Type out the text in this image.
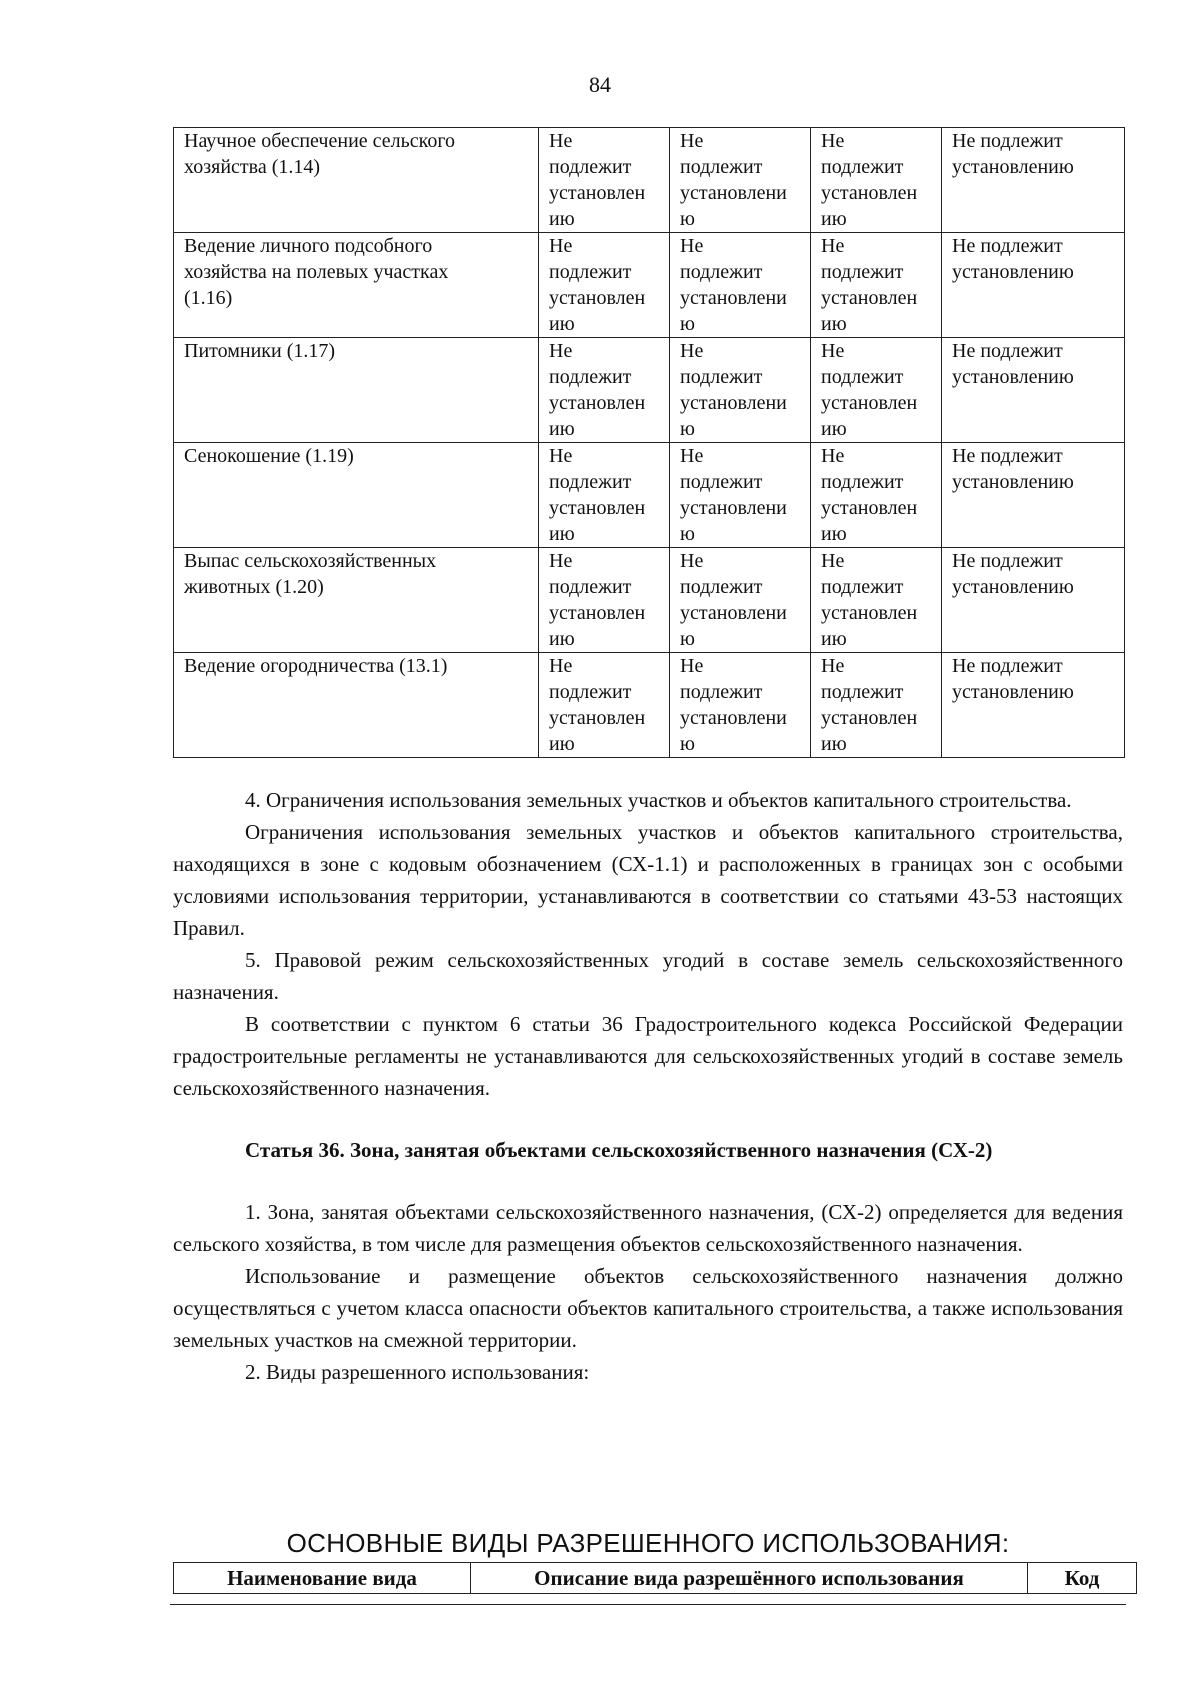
84
Научное обеспечение сельского
хозяйства (1.14)	Не
подлежит
установлен
ию	Не
подлежит
установлени
ю	Не
подлежит
установлен
ию	Не подлежит
установлению

Ведение личного подсобного
хозяйства на полевых участках
(1.16)	Не
подлежит
установлен
ию	Не
подлежит
установлени
ю	Не
подлежит
установлен
ию	Не подлежит
установлению

Питомники (1.17)	Не
подлежит
установлен
ию	Не
подлежит
установлени
ю	Не
подлежит
установлен
ию	Не подлежит
установлению

Сенокошение (1.19)	Не
подлежит
установлен
ию	Не
подлежит
установлени
ю	Не
подлежит
установлен
ию	Не подлежит
установлению

Выпас сельскохозяйственных
животных (1.20)	Не
подлежит
установлен
ию	Не
подлежит
установлени
ю	Не
подлежит
установлен
ию	Не подлежит
установлению

Ведение огородничества (13.1)	Не
подлежит
установлен
ию	Не
подлежит
установлени
ю	Не
подлежит
установлен
ию	Не подлежит
установлению

4. Ограничения использования земельных участков и объектов капитального строительства.

Ограничения использования земельных участков и объектов капитального строительства, находящихся в зоне с кодовым обозначением (СХ-1.1) и расположенных в границах зон с особыми условиями использования территории, устанавливаются в соответствии со статьями 43-53 настоящих Правил.

5. Правовой режим сельскохозяйственных угодий в составе земель сельскохозяйственного назначения.

В соответствии с пунктом 6 статьи 36 Градостроительного кодекса Российской Федерации градостроительные регламенты не устанавливаются для сельскохозяйственных угодий в составе земель сельскохозяйственного назначения.

Статья 36. Зона, занятая объектами сельскохозяйственного назначения (СХ-2)

1. Зона, занятая объектами сельскохозяйственного назначения, (СХ-2) определяется для ведения сельского хозяйства, в том числе для размещения объектов сельскохозяйственного назначения.

Использование и размещение объектов сельскохозяйственного назначения должно осуществляться с учетом класса опасности объектов капитального строительства, а также использования земельных участков на смежной территории.

2. Виды разрешенного использования:

ОСНОВНЫЕ ВИДЫ РАЗРЕШЕННОГО ИСПОЛЬЗОВАНИЯ:
Наименование вида	Описание вида разрешённого использования	Код
